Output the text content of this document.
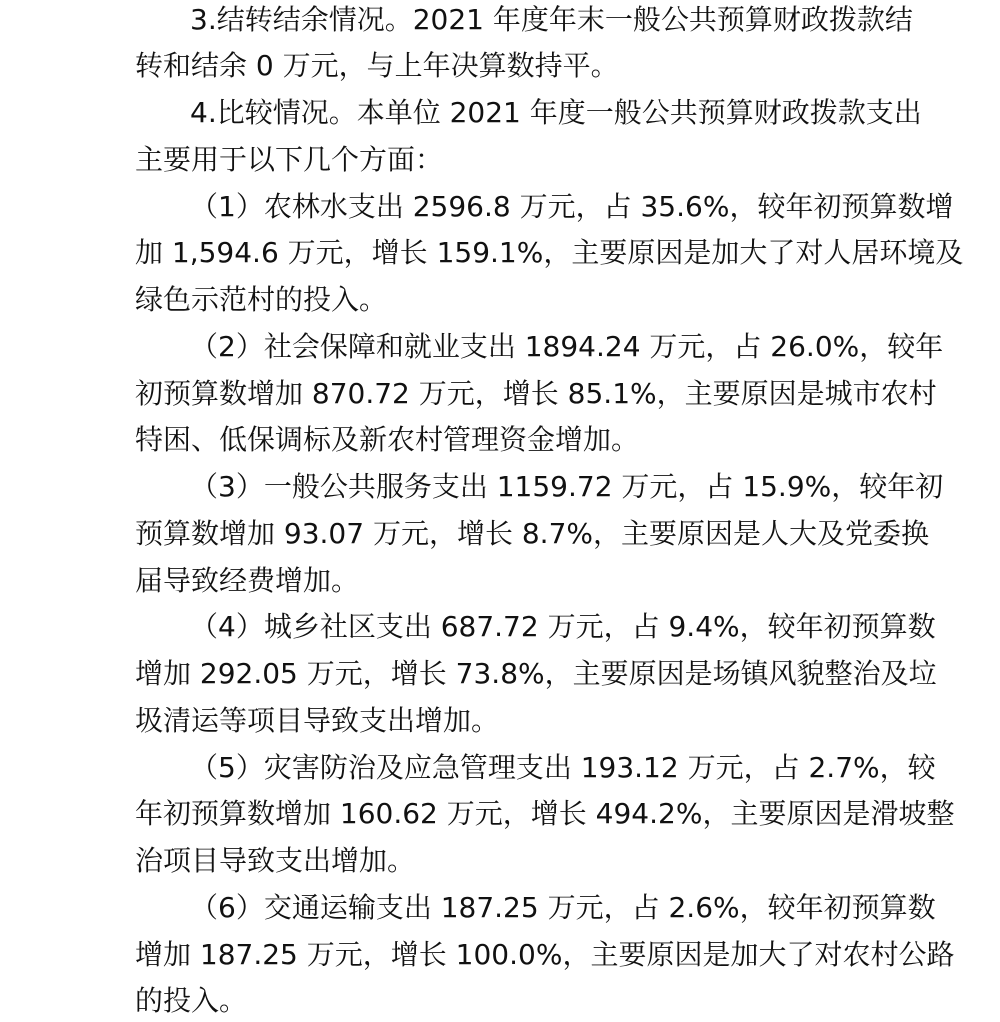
3.结转结余情况。2021 年度年末一般公共预算财政拨款结
转和结余 0 万元，与上年决算数持平。
4.比较情况。本单位 2021 年度一般公共预算财政拨款支出
主要用于以下几个方面：
（1）农林水支出 2596.8 万元，占 35.6%，较年初预算数增
加 1,594.6 万元，增长 159.1%，主要原因是加大了对人居环境及
绿色示范村的投入。
（2）社会保障和就业支出 1894.24 万元，占 26.0%，较年
初预算数增加 870.72 万元，增长 85.1%，主要原因是城市农村
特困、低保调标及新农村管理资金增加。
（3）一般公共服务支出 1159.72 万元，占 15.9%，较年初
预算数增加 93.07 万元，增长 8.7%，主要原因是人大及党委换
届导致经费增加。
（4）城乡社区支出 687.72 万元，占 9.4%，较年初预算数
增加 292.05 万元，增长 73.8%，主要原因是场镇风貌整治及垃
圾清运等项目导致支出增加。
（5）灾害防治及应急管理支出 193.12 万元，占 2.7%，较
年初预算数增加 160.62 万元，增长 494.2%，主要原因是滑坡整
治项目导致支出增加。
（6）交通运输支出 187.25 万元，占 2.6%，较年初预算数
增加 187.25 万元，增长 100.0%，主要原因是加大了对农村公路
的投入。
